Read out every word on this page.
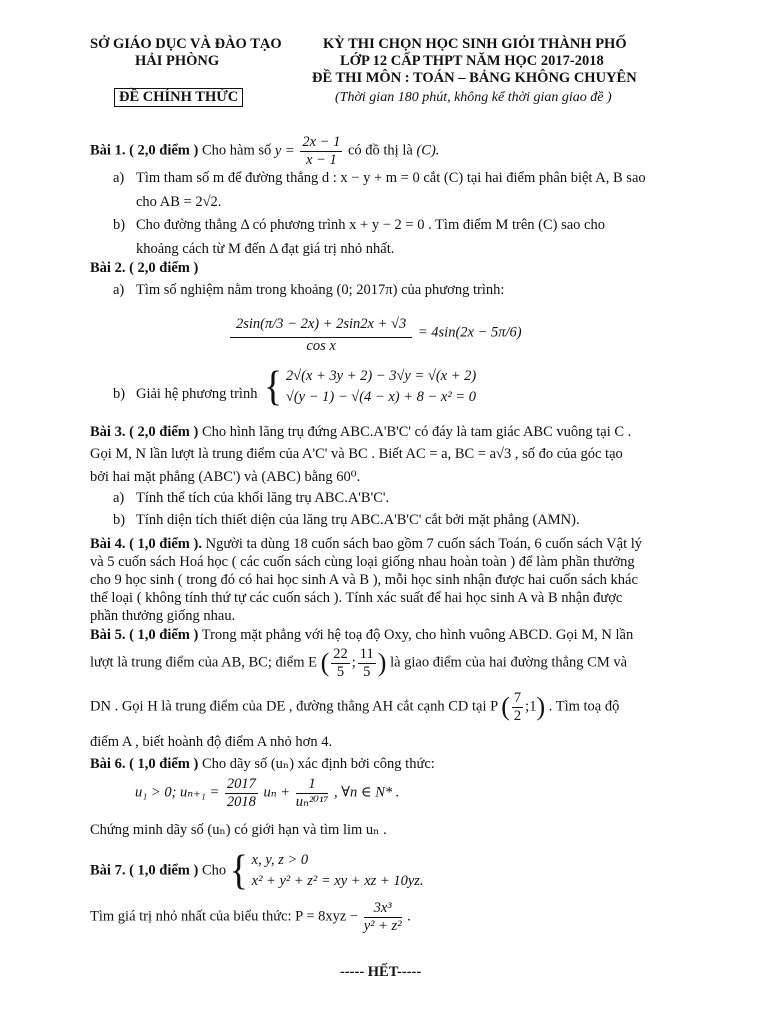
SỞ GIÁO DỤC VÀ ĐÀO TẠO
HẢI PHÒNG
ĐỀ CHÍNH THỨC
KỲ THI CHỌN HỌC SINH GIỎI THÀNH PHỐ
LỚP 12 CẤP THPT NĂM HỌC 2017-2018
ĐỀ THI MÔN : TOÁN – BẢNG KHÔNG CHUYÊN
(Thời gian 180 phút, không kể thời gian giao đề )
Bài 1. ( 2,0 điểm ) Cho hàm số $y = \frac{2x - 1}{x - 1}$ có đồ thị là (C).
a) Tìm tham số m để đường thẳng d : x − y + m = 0 cắt (C) tại hai điểm phân biệt A, B sao
cho AB = 2√2.
b) Cho đường thẳng Δ có phương trình x + y − 2 = 0 . Tìm điểm M trên (C) sao cho
khoảng cách từ M đến Δ đạt giá trị nhỏ nhất.
Bài 2. ( 2,0 điểm )
a) Tìm số nghiệm nằm trong khoảng (0; 2017π) của phương trình:
$\frac{2\sin(\pi/3 - 2x) + 2\sin 2x + √3}{\text{cos x}} = 4\sin(2x - 5\pi/6)$
b) Giải hệ phương trình { 2√(x + 3y + 2) − 3√y = √(x + 2)
√(y − 1) − √(4 − x) + 8 − x² = 0
Bài 3. ( 2,0 điểm ) Cho hình lăng trụ đứng ABC.A'B'C' có đáy là tam giác ABC vuông tại C .
Gọi M, N lần lượt là trung điểm của A'C' và BC . Biết AC = a, BC = a√3 , số đo của góc tạo
bởi hai mặt phẳng (ABC') và (ABC) bằng 60⁰.
a) Tính thể tích của khối lăng trụ ABC.A'B'C'.
b) Tính diện tích thiết diện của lăng trụ ABC.A'B'C' cắt bởi mặt phẳng (AMN).
Bài 4. ( 1,0 điểm ). Người ta dùng 18 cuốn sách bao gồm 7 cuốn sách Toán, 6 cuốn sách Vật lý
và 5 cuốn sách Hoá học ( các cuốn sách cùng loại giống nhau hoàn toàn ) để làm phần thưởng
cho 9 học sinh ( trong đó có hai học sinh A và B ), mỗi học sinh nhận được hai cuốn sách khác
thể loại ( không tính thứ tự các cuốn sách ). Tính xác suất để hai học sinh A và B nhận được
phần thưởng giống nhau.
Bài 5. ( 1,0 điểm ) Trong mặt phẳng với hệ toạ độ Oxy, cho hình vuông ABCD. Gọi M, N lần
lượt là trung điểm của AB, BC; điểm E ( $\frac{22}{5}$ ; $\frac{11}{5}$ ) là giao điểm của hai đường thẳng CM và
DN . Gọi H là trung điểm của DE , đường thẳng AH cắt cạnh CD tại P ( $\frac{7}{2}$ ;1) . Tìm toạ độ
điểm A , biết hoành độ điểm A nhỏ hơn 4.
Bài 6. ( 1,0 điểm ) Cho dãy số (uₙ) xác định bởi công thức:
u₁ > 0; $u_{n+1} = \frac{2017}{2018}$ $u_n + \frac{1}{\text{uₙ²⁰¹⁷}}$ , ∀n ∈ N* .
Chứng minh dãy số (uₙ) có giới hạn và tìm lim uₙ .
Bài 7. ( 1,0 điểm ) Cho { x, y, z > 0
x² + y² + z² = xy + xz + 10yz.
Tìm giá trị nhỏ nhất của biểu thức: $P = 8xyz - \frac{\text{3x³}}{\text{y² + z²}}$ .
----- HẾT-----
